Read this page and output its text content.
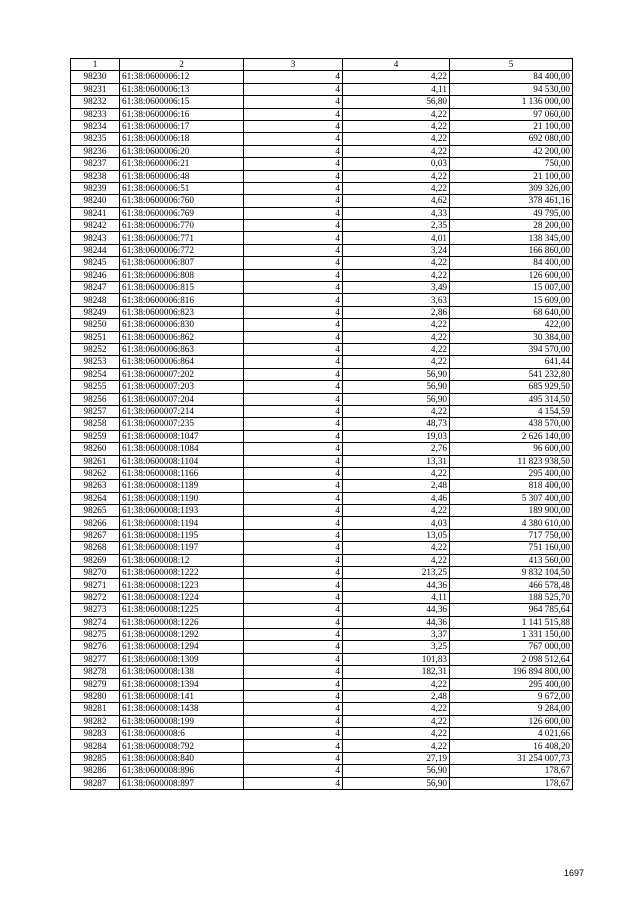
1	2	3	4	5
98230	61:38:0600006:12	4	4,22	84 400,00
98231	61:38:0600006:13	4	4,11	94 530,00
98232	61:38:0600006:15	4	56,80	1 136 000,00
98233	61:38:0600006:16	4	4,22	97 060,00
98234	61:38:0600006:17	4	4,22	21 100,00
98235	61:38:0600006:18	4	4,22	692 080,00
98236	61:38:0600006:20	4	4,22	42 200,00
98237	61:38:0600006:21	4	0,03	750,00
98238	61:38:0600006:48	4	4,22	21 100,00
98239	61:38:0600006:51	4	4,22	309 326,00
98240	61:38:0600006:760	4	4,62	378 461,16
98241	61:38:0600006:769	4	4,33	49 795,00
98242	61:38:0600006:770	4	2,35	28 200,00
98243	61:38:0600006:771	4	4,01	138 345,00
98244	61:38:0600006:772	4	3,24	166 860,00
98245	61:38:0600006:807	4	4,22	84 400,00
98246	61:38:0600006:808	4	4,22	126 600,00
98247	61:38:0600006:815	4	3,49	15 007,00
98248	61:38:0600006:816	4	3,63	15 609,00
98249	61:38:0600006:823	4	2,86	68 640,00
98250	61:38:0600006:830	4	4,22	422,00
98251	61:38:0600006:862	4	4,22	30 384,00
98252	61:38:0600006:863	4	4,22	394 570,00
98253	61:38:0600006:864	4	4,22	641,44
98254	61:38:0600007:202	4	56,90	541 232,80
98255	61:38:0600007:203	4	56,90	685 929,50
98256	61:38:0600007:204	4	56,90	495 314,50
98257	61:38:0600007:214	4	4,22	4 154,59
98258	61:38:0600007:235	4	48,73	438 570,00
98259	61:38:0600008:1047	4	19,03	2 626 140,00
98260	61:38:0600008:1084	4	2,76	96 600,00
98261	61:38:0600008:1104	4	13,31	11 823 938,50
98262	61:38:0600008:1166	4	4,22	295 400,00
98263	61:38:0600008:1189	4	2,48	818 400,00
98264	61:38:0600008:1190	4	4,46	5 307 400,00
98265	61:38:0600008:1193	4	4,22	189 900,00
98266	61:38:0600008:1194	4	4,03	4 380 610,00
98267	61:38:0600008:1195	4	13,05	717 750,00
98268	61:38:0600008:1197	4	4,22	751 160,00
98269	61:38:0600008:12	4	4,22	413 560,00
98270	61:38:0600008:1222	4	213,25	9 832 104,50
98271	61:38:0600008:1223	4	44,36	466 578,48
98272	61:38:0600008:1224	4	4,11	188 525,70
98273	61:38:0600008:1225	4	44,36	964 785,64
98274	61:38:0600008:1226	4	44,36	1 141 515,88
98275	61:38:0600008:1292	4	3,37	1 331 150,00
98276	61:38:0600008:1294	4	3,25	767 000,00
98277	61:38:0600008:1309	4	101,83	2 098 512,64
98278	61:38:0600008:138	4	182,31	196 894 800,00
98279	61:38:0600008:1394	4	4,22	295 400,00
98280	61:38:0600008:141	4	2,48	9 672,00
98281	61:38:0600008:1438	4	4,22	9 284,00
98282	61:38:0600008:199	4	4,22	126 600,00
98283	61:38:0600008:6	4	4,22	4 021,66
98284	61:38:0600008:792	4	4,22	16 408,20
98285	61:38:0600008:840	4	27,19	31 254 007,73
98286	61:38:0600008:896	4	56,90	178,67
98287	61:38:0600008:897	4	56,90	178,67
1697
